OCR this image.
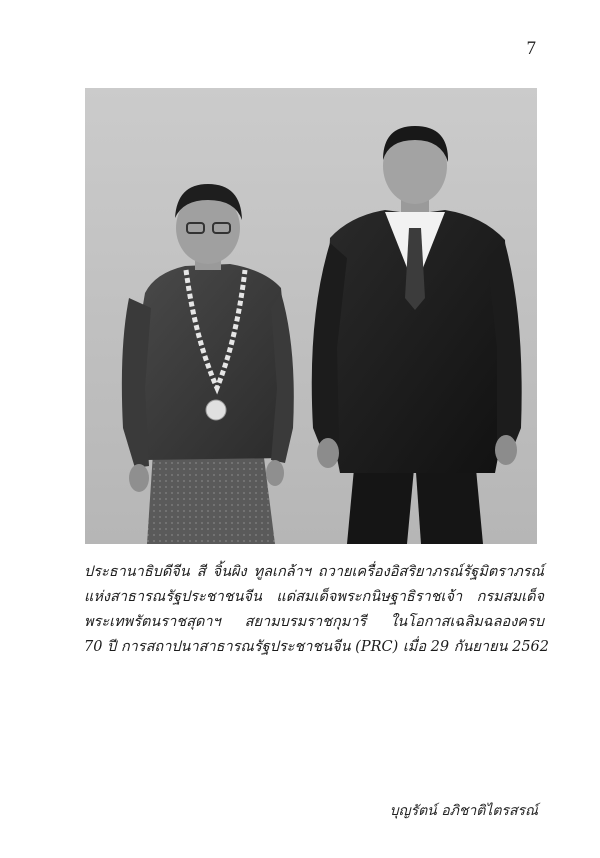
7
ประธานาธิบดีจีน สี จิ้นผิง ทูลเกล้าฯ ถวายเครื่องอิสริยาภรณ์รัฐมิตราภรณ์
แห่งสาธารณรัฐประชาชนจีน แด่สมเด็จพระกนิษฐาธิราชเจ้า กรมสมเด็จ
พระเทพรัตนราชสุดาฯ สยามบรมราชกุมารี ในโอกาสเฉลิมฉลองครบ
70 ปี การสถาปนาสาธารณรัฐประชาชนจีน (PRC) เมื่อ 29 กันยายน 2562
บุญรัตน์ อภิชาติไตรสรณ์
